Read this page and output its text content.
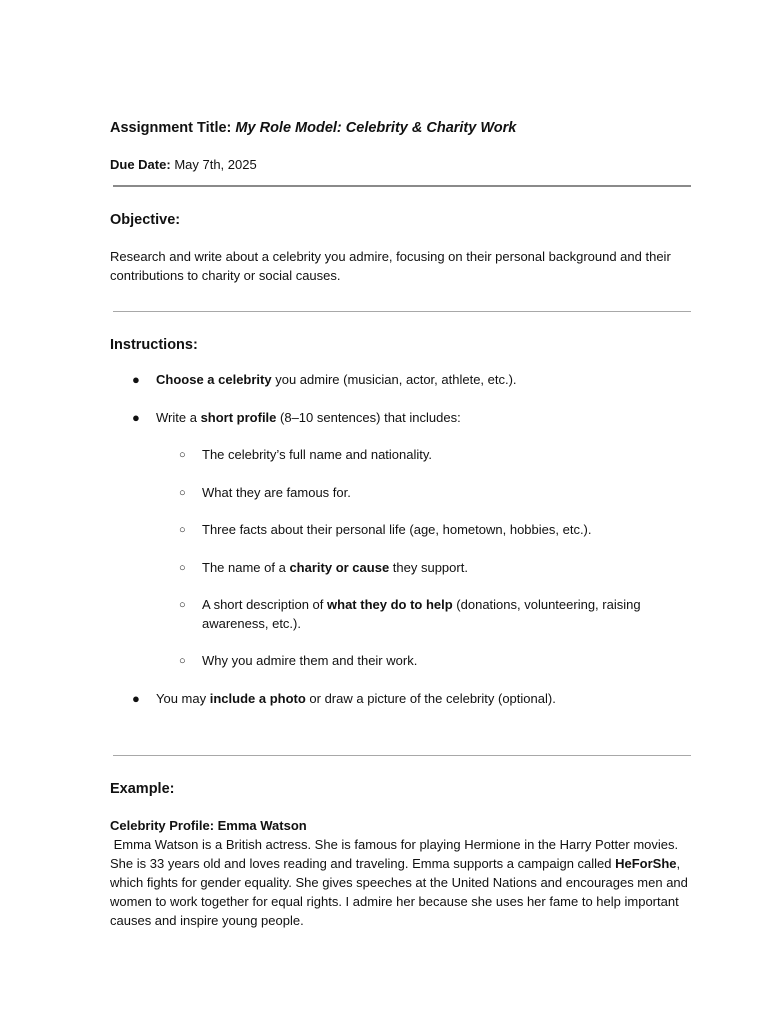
Assignment Title: My Role Model: Celebrity & Charity Work
Due Date: May 7th, 2025
Objective:
Research and write about a celebrity you admire, focusing on their personal background and their
contributions to charity or social causes.
Instructions:
● Choose a celebrity you admire (musician, actor, athlete, etc.).
● Write a short profile (8–10 sentences) that includes:
○ The celebrity’s full name and nationality.
○ What they are famous for.
○ Three facts about their personal life (age, hometown, hobbies, etc.).
○ The name of a charity or cause they support.
○ A short description of what they do to help (donations, volunteering, raising
awareness, etc.).
○ Why you admire them and their work.
● You may include a photo or draw a picture of the celebrity (optional).
Example:
Celebrity Profile: Emma Watson
Emma Watson is a British actress. She is famous for playing Hermione in the Harry Potter movies.
She is 33 years old and loves reading and traveling. Emma supports a campaign called HeForShe,
which fights for gender equality. She gives speeches at the United Nations and encourages men and
women to work together for equal rights. I admire her because she uses her fame to help important
causes and inspire young people.
